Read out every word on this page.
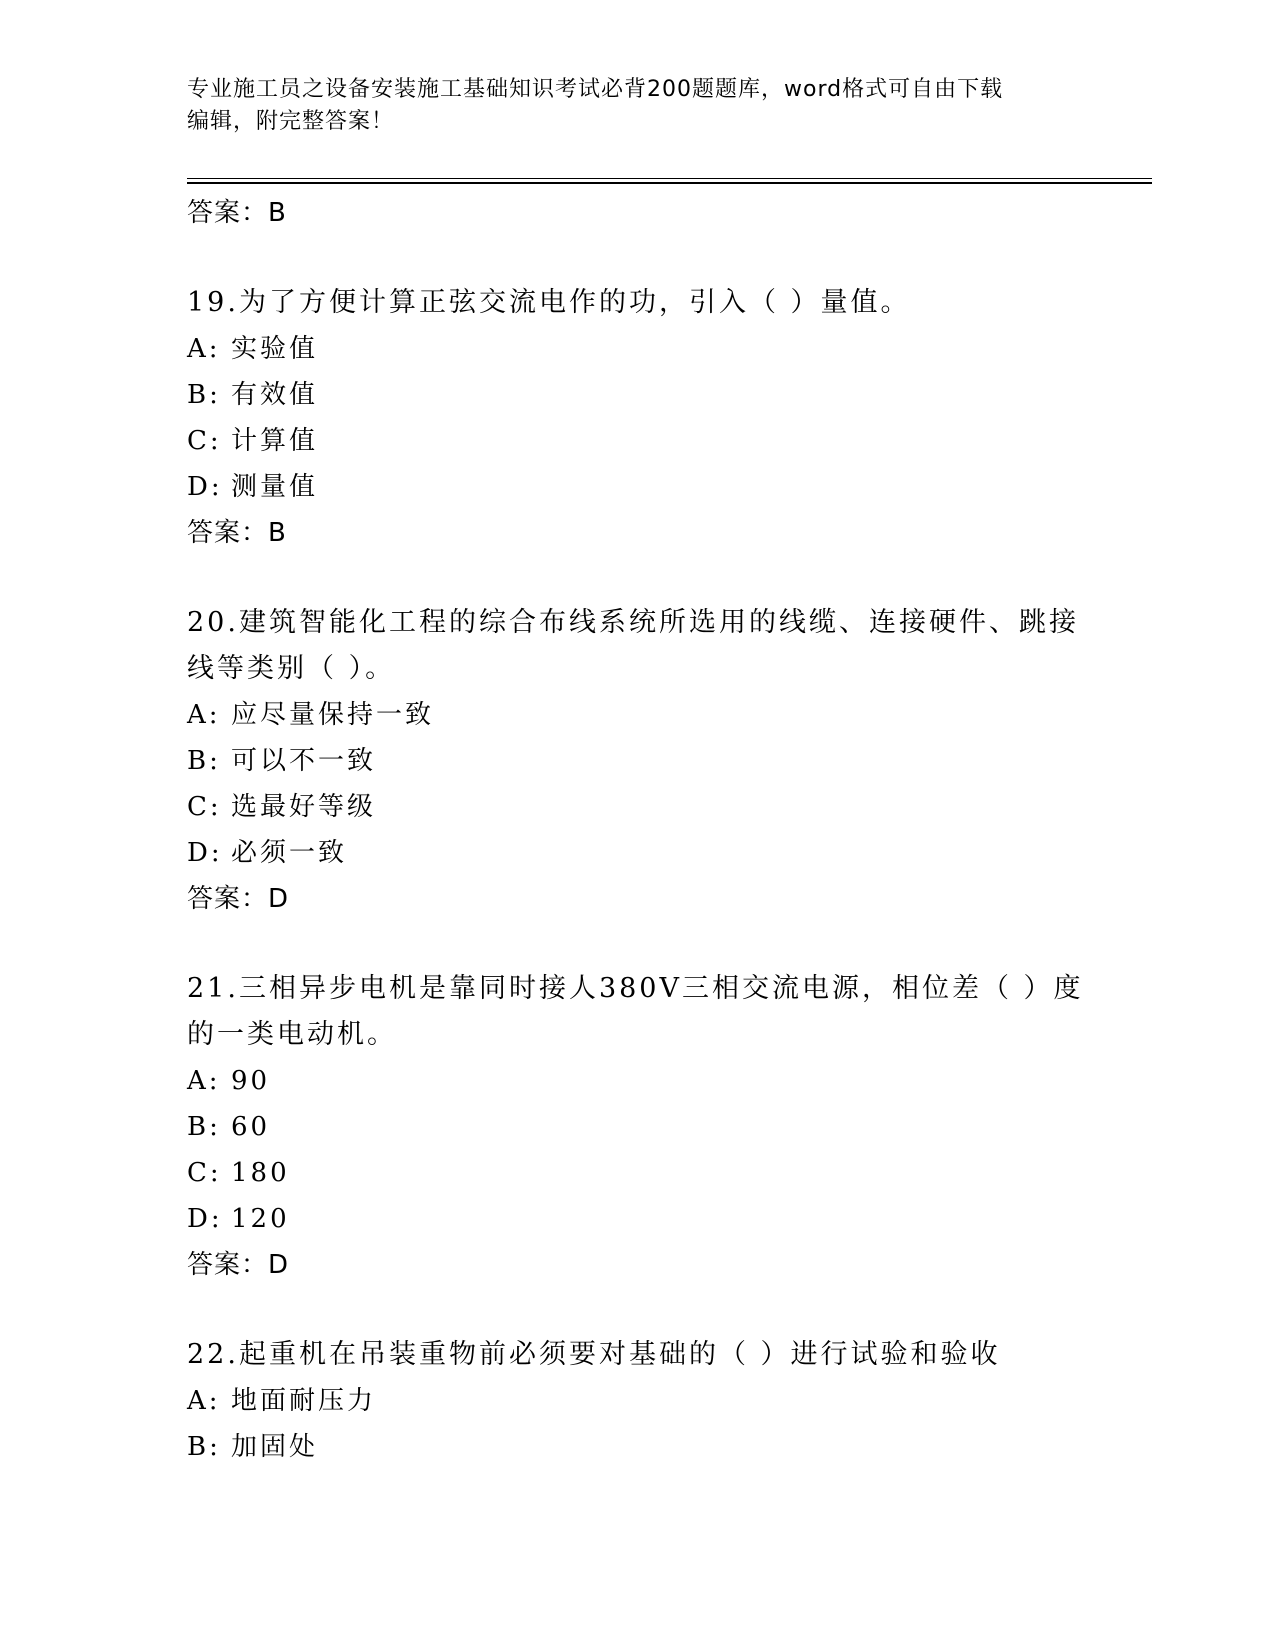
专业施工员之设备安装施工基础知识考试必背200题题库，word格式可自由下载
编辑，附完整答案！
答案：B
19.为了方便计算正弦交流电作的功，引入（ ）量值。
A: 实验值
B: 有效值
C: 计算值
D: 测量值
答案：B
20.建筑智能化工程的综合布线系统所选用的线缆、连接硬件、跳接线等类别（ ）。
A: 应尽量保持一致
B: 可以不一致
C: 选最好等级
D: 必须一致
答案：D
21.三相异步电机是靠同时接人380V三相交流电源，相位差（ ）度的一类电动机。
A: 90
B: 60
C: 180
D: 120
答案：D
22.起重机在吊装重物前必须要对基础的（ ）进行试验和验收
A: 地面耐压力
B: 加固处
